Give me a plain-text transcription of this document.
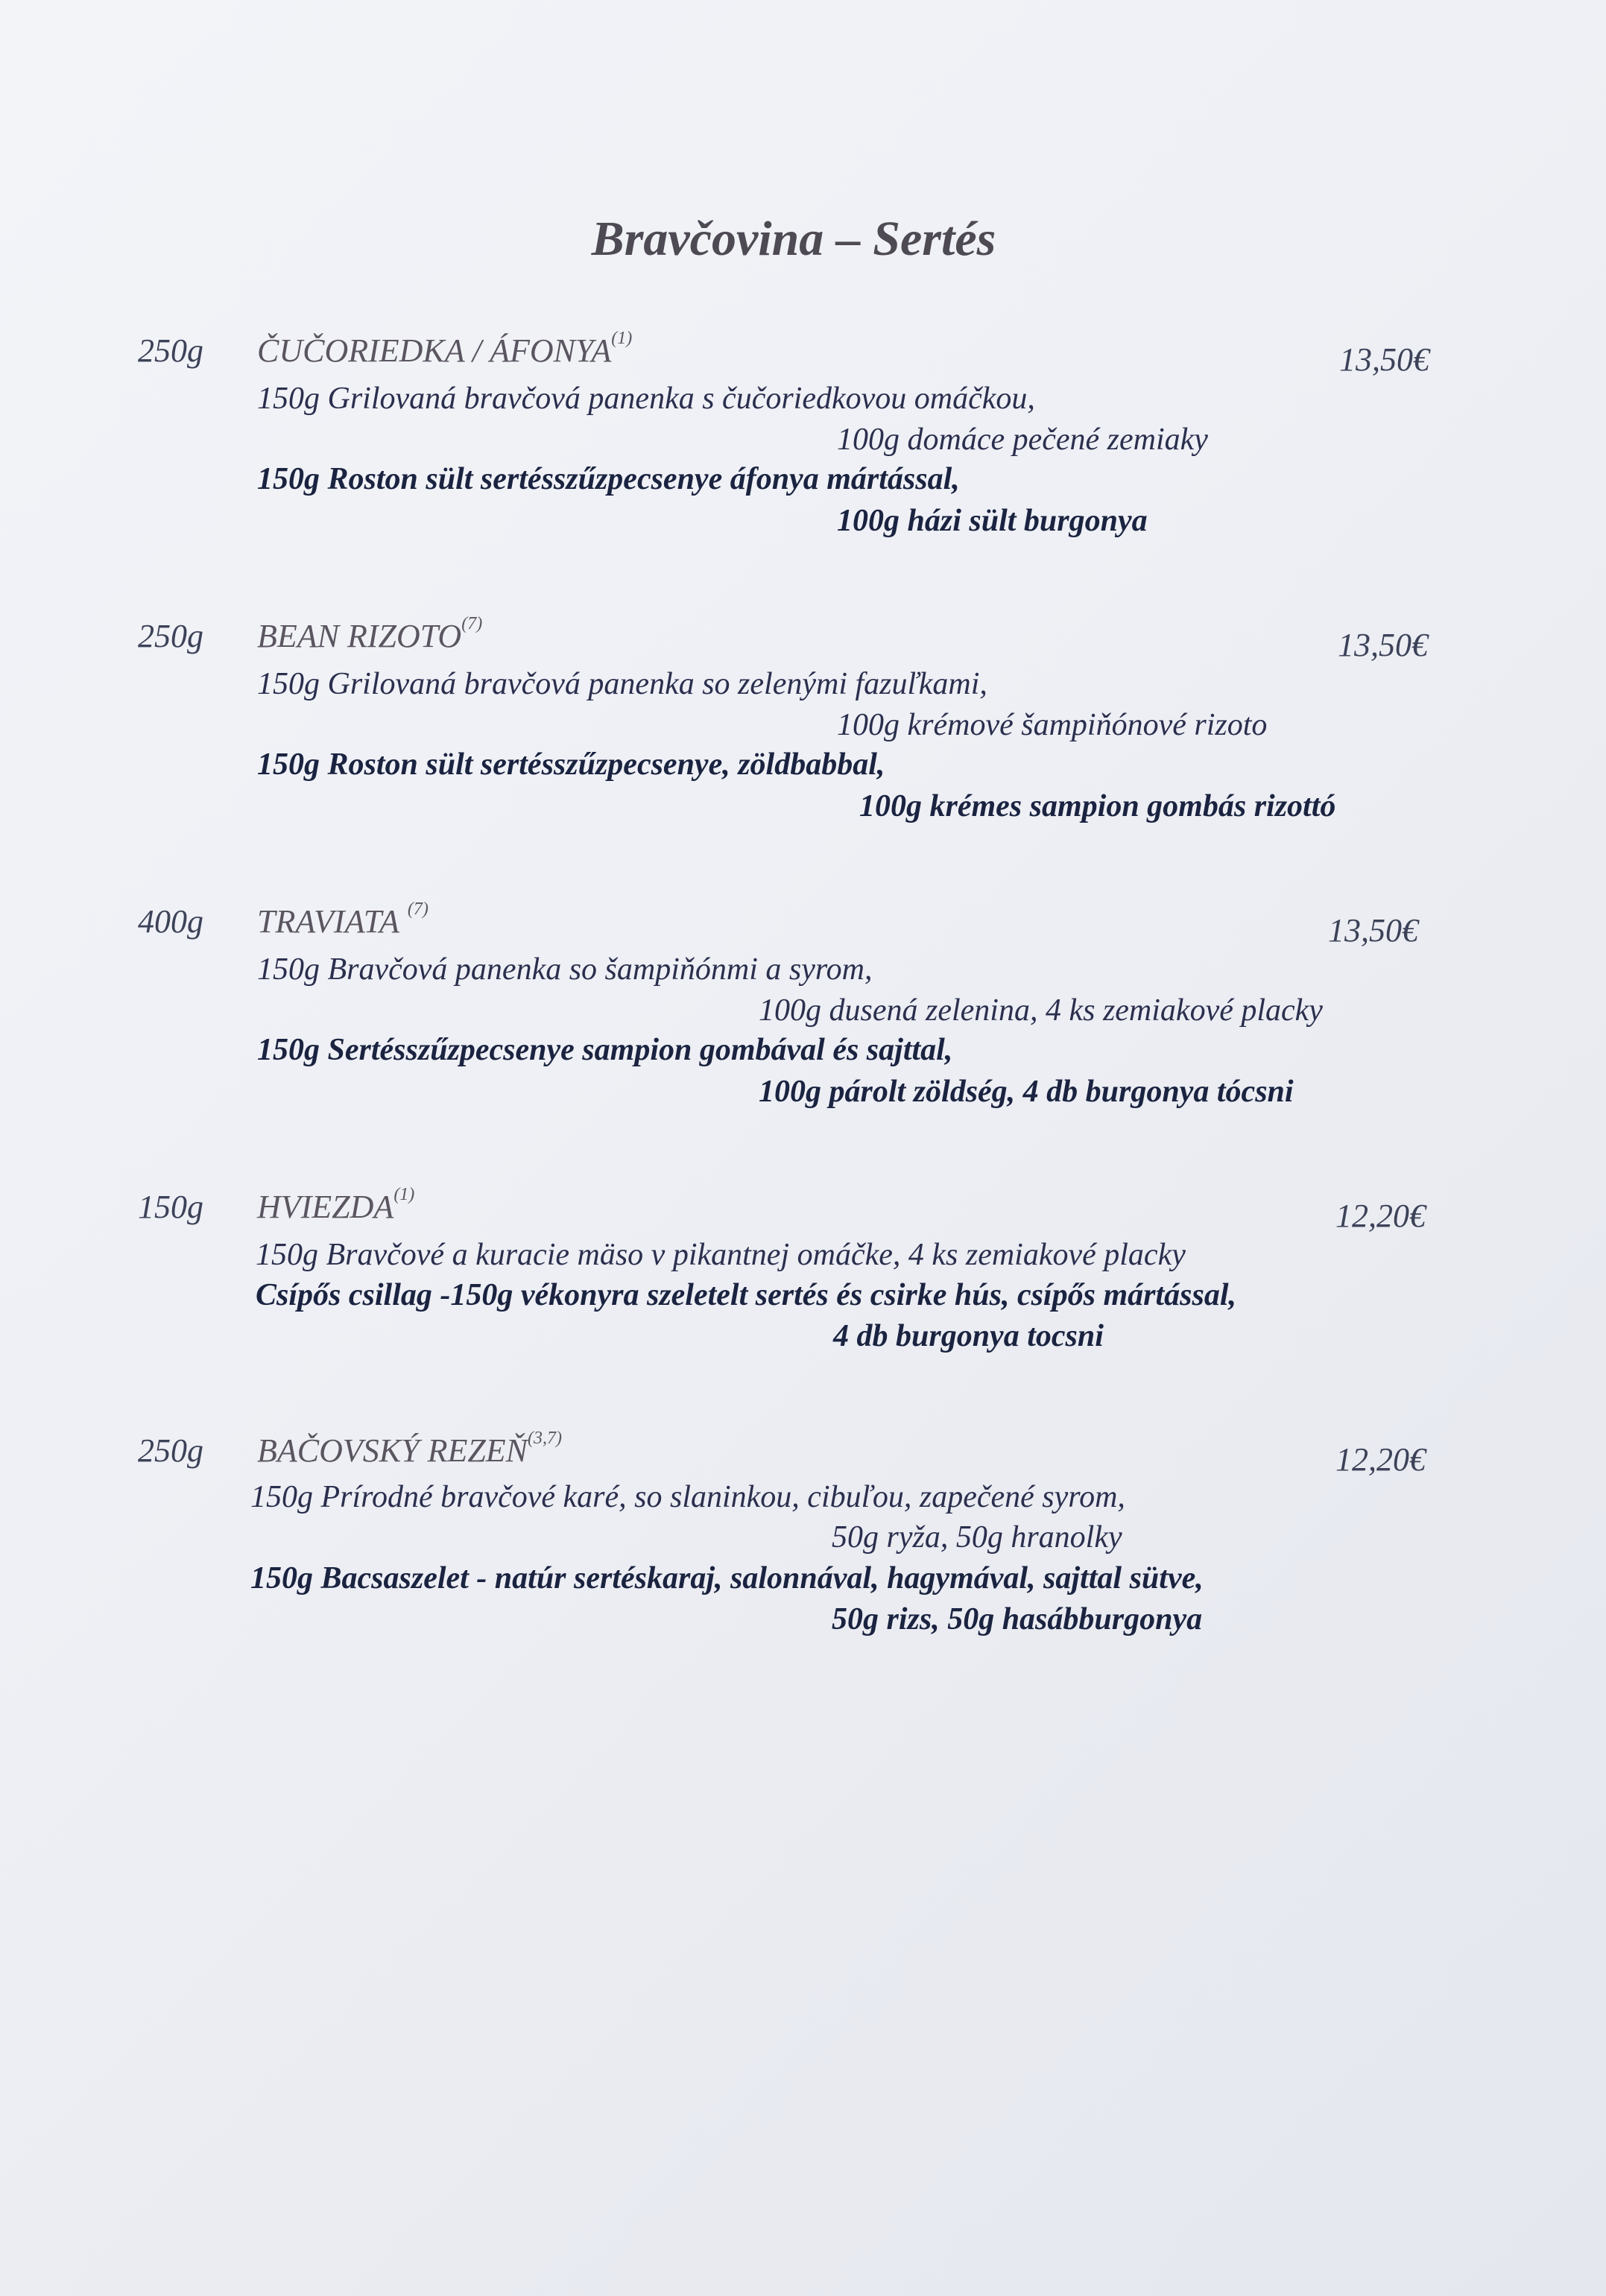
Bravčovina – Sertés
250g ČUČORIEDKA / ÁFONYA$^{(1)}$
13,50€
150g Grilovaná bravčová panenka s čučoriedkovou omáčkou,
100g domáce pečené zemiaky
150g Roston sült sertésszűzpecsenye áfonya mártással,
100g házi sült burgonya
250g BEAN RIZOTO$^{(7)}$
13,50€
150g Grilovaná bravčová panenka so zelenými fazuľkami,
100g krémové šampiňónové rizoto
150g Roston sült sertésszűzpecsenye, zöldbabbal,
100g krémes sampion gombás rizottó
400g TRAVIATA $^{(7)}$
13,50€
150g Bravčová panenka so šampiňónmi a syrom,
100g dusená zelenina, 4 ks zemiakové placky
150g Sertésszűzpecsenye sampion gombával és sajttal,
100g párolt zöldség, 4 db burgonya tócsni
150g HVIEZDA$^{(1)}$
12,20€
150g Bravčové a kuracie mäso v pikantnej omáčke, 4 ks zemiakové placky
Csípős csillag -150g vékonyra szeletelt sertés és csirke hús, csípős mártással,
4 db burgonya tocsni
250g BAČOVSKÝ REZEŇ$^{(3,7)}$
12,20€
150g Prírodné bravčové karé, so slaninkou, cibuľou, zapečené syrom,
50g ryža, 50g hranolky
150g Bacsaszelet - natúr sertéskaraj, salonnával, hagymával, sajttal sütve,
50g rizs, 50g hasábburgonya
